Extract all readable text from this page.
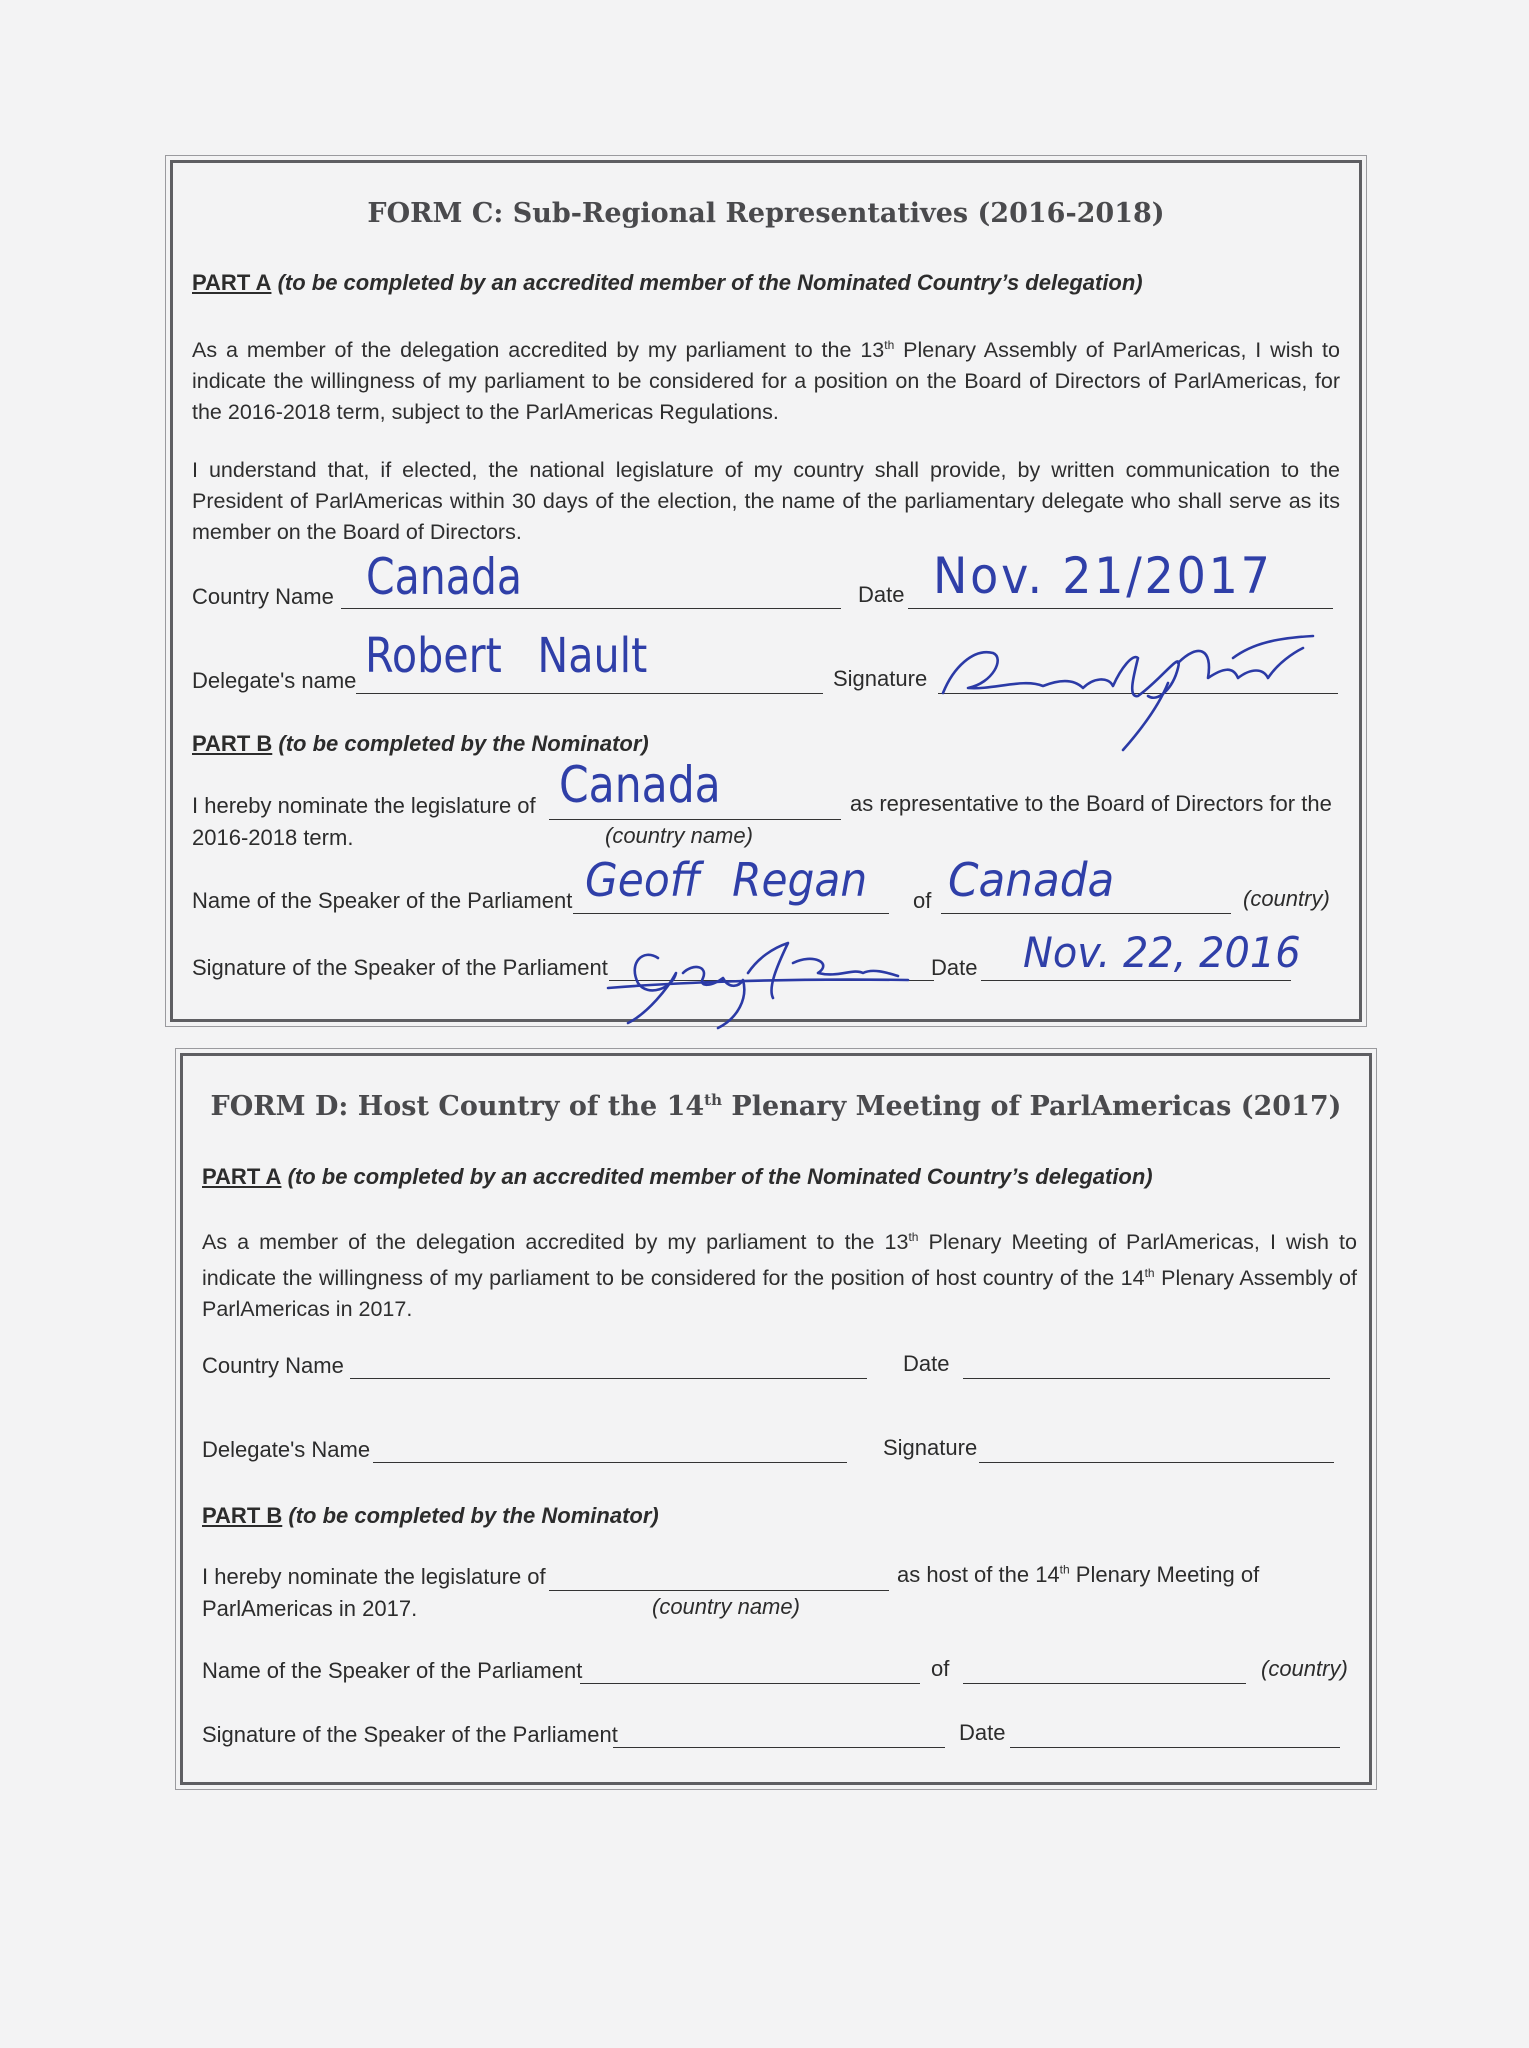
FORM C: Sub-Regional Representatives (2016-2018)
PART A (to be completed by an accredited member of the Nominated Country’s delegation)
As a member of the delegation accredited by my parliament to the 13th Plenary Assembly of ParlAmericas, I wish to indicate the willingness of my parliament to be considered for a position on the Board of Directors of ParlAmericas, for the 2016-2018 term, subject to the ParlAmericas Regulations.
I understand that, if elected, the national legislature of my country shall provide, by written communication to the President of ParlAmericas within 30 days of the election, the name of the parliamentary delegate who shall serve as its member on the Board of Directors.
Country Name Canada	Date Nov. 21/2017
Delegate's name Robert Nault	Signature
PART B (to be completed by the Nominator)
I hereby nominate the legislature of Canada	as representative to the Board of Directors for the
2016-2018 term.	(country name)
Name of the Speaker of the Parliament Geoff Regan of Canada	(country)
Signature of the Speaker of the Parliament	Date Nov. 22, 2016
FORM D: Host Country of the 14th Plenary Meeting of ParlAmericas (2017)
PART A (to be completed by an accredited member of the Nominated Country’s delegation)
As a member of the delegation accredited by my parliament to the 13th Plenary Meeting of ParlAmericas, I wish to indicate the willingness of my parliament to be considered for the position of host country of the 14th Plenary Assembly of ParlAmericas in 2017.
Country Name	Date
Delegate's Name	Signature
PART B (to be completed by the Nominator)
I hereby nominate the legislature of	as host of the 14th Plenary Meeting of
ParlAmericas in 2017.	(country name)
Name of the Speaker of the Parliament	of	(country)
Signature of the Speaker of the Parliament	Date
